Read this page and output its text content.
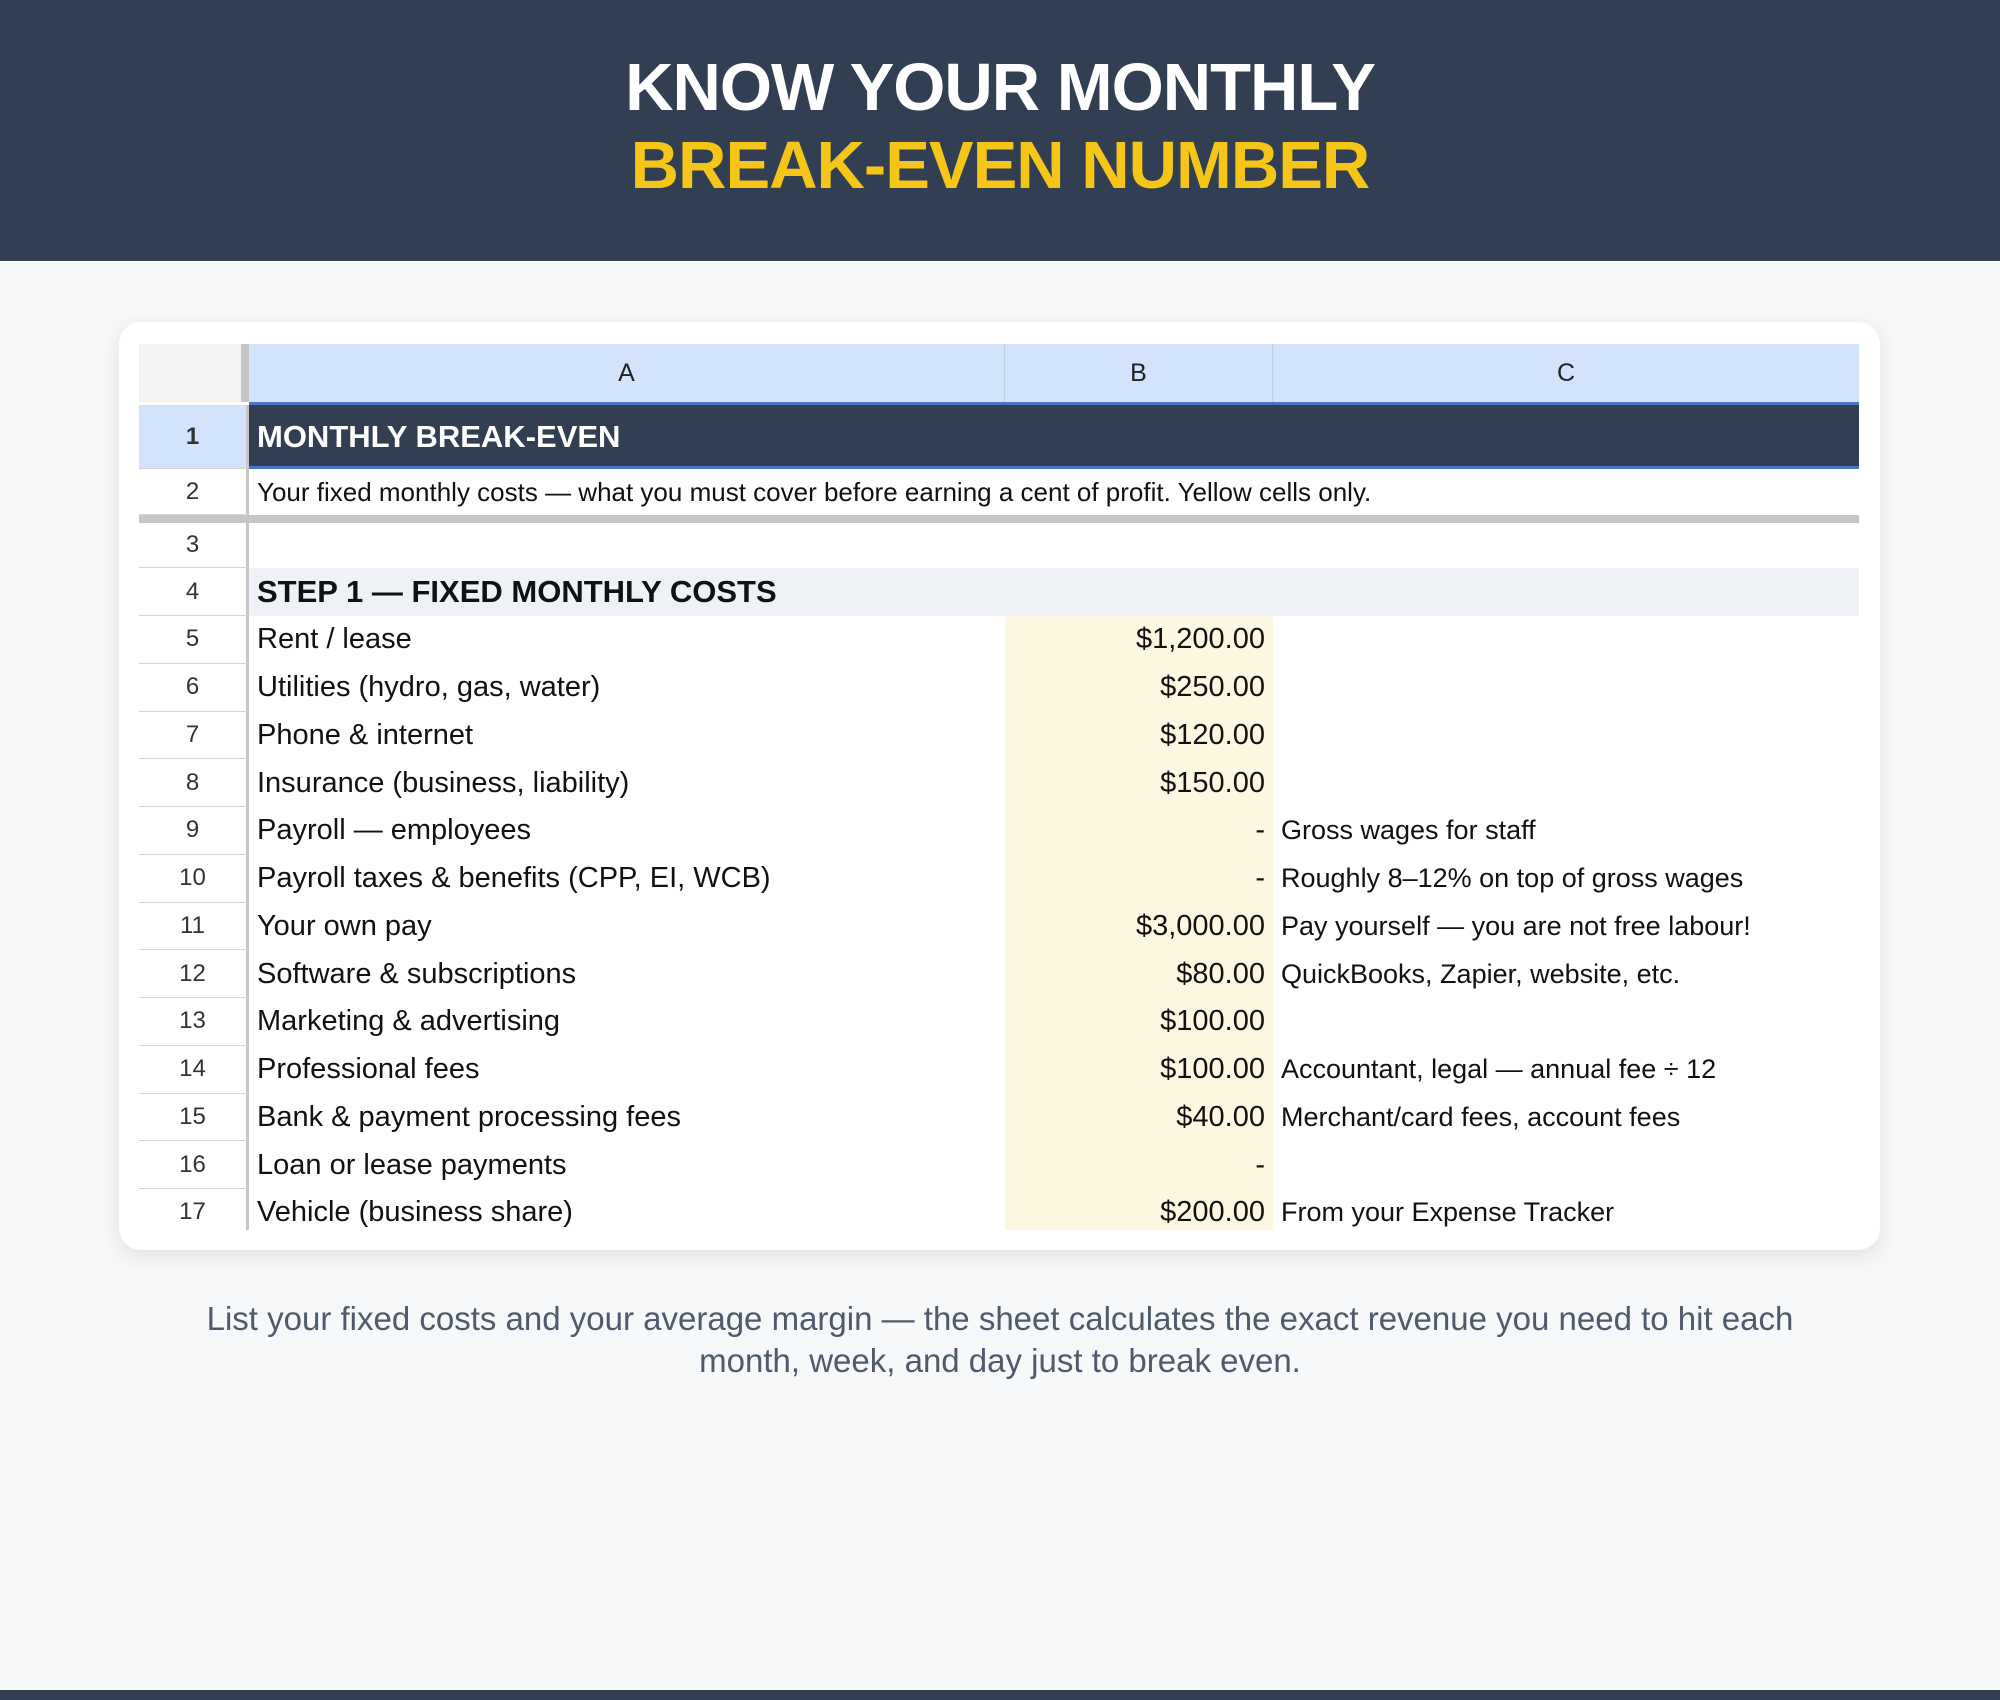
KNOW YOUR MONTHLY
BREAK-EVEN NUMBER
A	B	C
1	MONTHLY BREAK-EVEN
2	Your fixed monthly costs — what you must cover before earning a cent of profit. Yellow cells only.
3
4	STEP 1 — FIXED MONTHLY COSTS
5	Rent / lease	$1,200.00
6	Utilities (hydro, gas, water)	$250.00
7	Phone & internet	$120.00
8	Insurance (business, liability)	$150.00
9	Payroll — employees	- Gross wages for staff
10	Payroll taxes & benefits (CPP, EI, WCB)	- Roughly 8–12% on top of gross wages
11	Your own pay	$3,000.00 Pay yourself — you are not free labour!
12	Software & subscriptions	$80.00 QuickBooks, Zapier, website, etc.
13	Marketing & advertising	$100.00
14	Professional fees	$100.00 Accountant, legal — annual fee ÷ 12
15	Bank & payment processing fees	$40.00 Merchant/card fees, account fees
16	Loan or lease payments	-
17	Vehicle (business share)	$200.00 From your Expense Tracker
List your fixed costs and your average margin — the sheet calculates the exact revenue you need to hit each month, week, and day just to break even.
